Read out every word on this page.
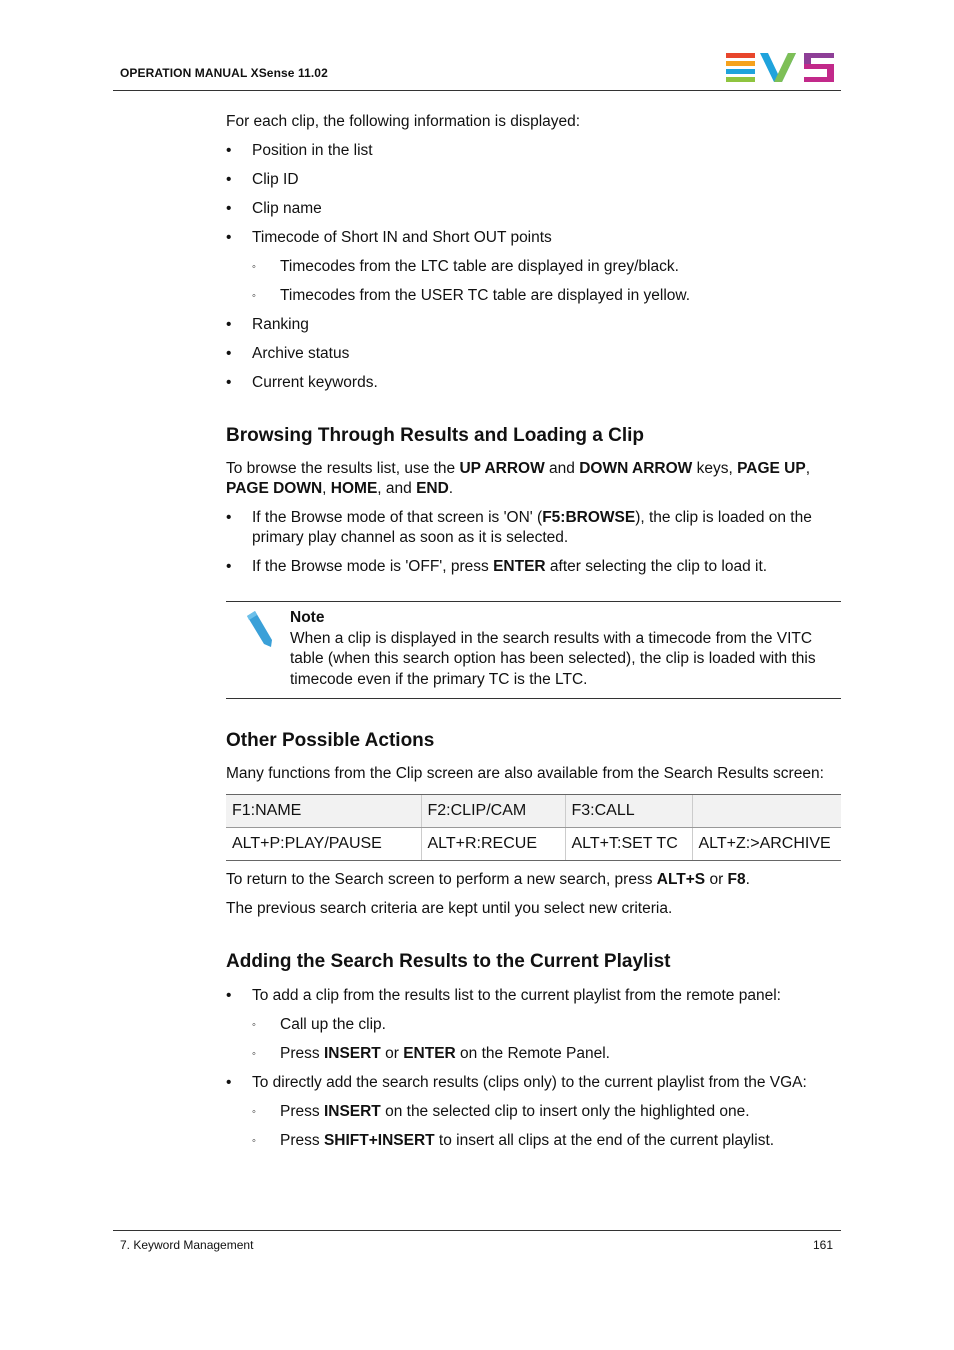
OPERATION MANUAL XSense 11.02

For each clip, the following information is displayed:

• Position in the list
• Clip ID
• Clip name
• Timecode of Short IN and Short OUT points
◦ Timecodes from the LTC table are displayed in grey/black.
◦ Timecodes from the USER TC table are displayed in yellow.
• Ranking
• Archive status
• Current keywords.
Browsing Through Results and Loading a Clip

To browse the results list, use the UP ARROW and DOWN ARROW keys, PAGE UP,
PAGE DOWN, HOME, and END.

• If the Browse mode of that screen is 'ON' (F5:BROWSE), the clip is loaded on the primary play channel as soon as it is selected.
• If the Browse mode is 'OFF', press ENTER after selecting the clip to load it.
Note
When a clip is displayed in the search results with a timecode from the VITC table (when this search option has been selected), the clip is loaded with this timecode even if the primary TC is the LTC.
Other Possible Actions

Many functions from the Clip screen are also available from the Search Results screen:

F1:NAME	F2:CLIP/CAM	F3:CALL	
ALT+P:PLAY/PAUSE	ALT+R:RECUE	ALT+T:SET TC	ALT+Z:>ARCHIVE

To return to the Search screen to perform a new search, press ALT+S or F8.

The previous search criteria are kept until you select new criteria.

Adding the Search Results to the Current Playlist
• To add a clip from the results list to the current playlist from the remote panel:
◦ Call up the clip.
◦ Press INSERT or ENTER on the Remote Panel.
• To directly add the search results (clips only) to the current playlist from the VGA:
◦ Press INSERT on the selected clip to insert only the highlighted one.
◦ Press SHIFT+INSERT to insert all clips at the end of the current playlist.
7. Keyword Management	161
